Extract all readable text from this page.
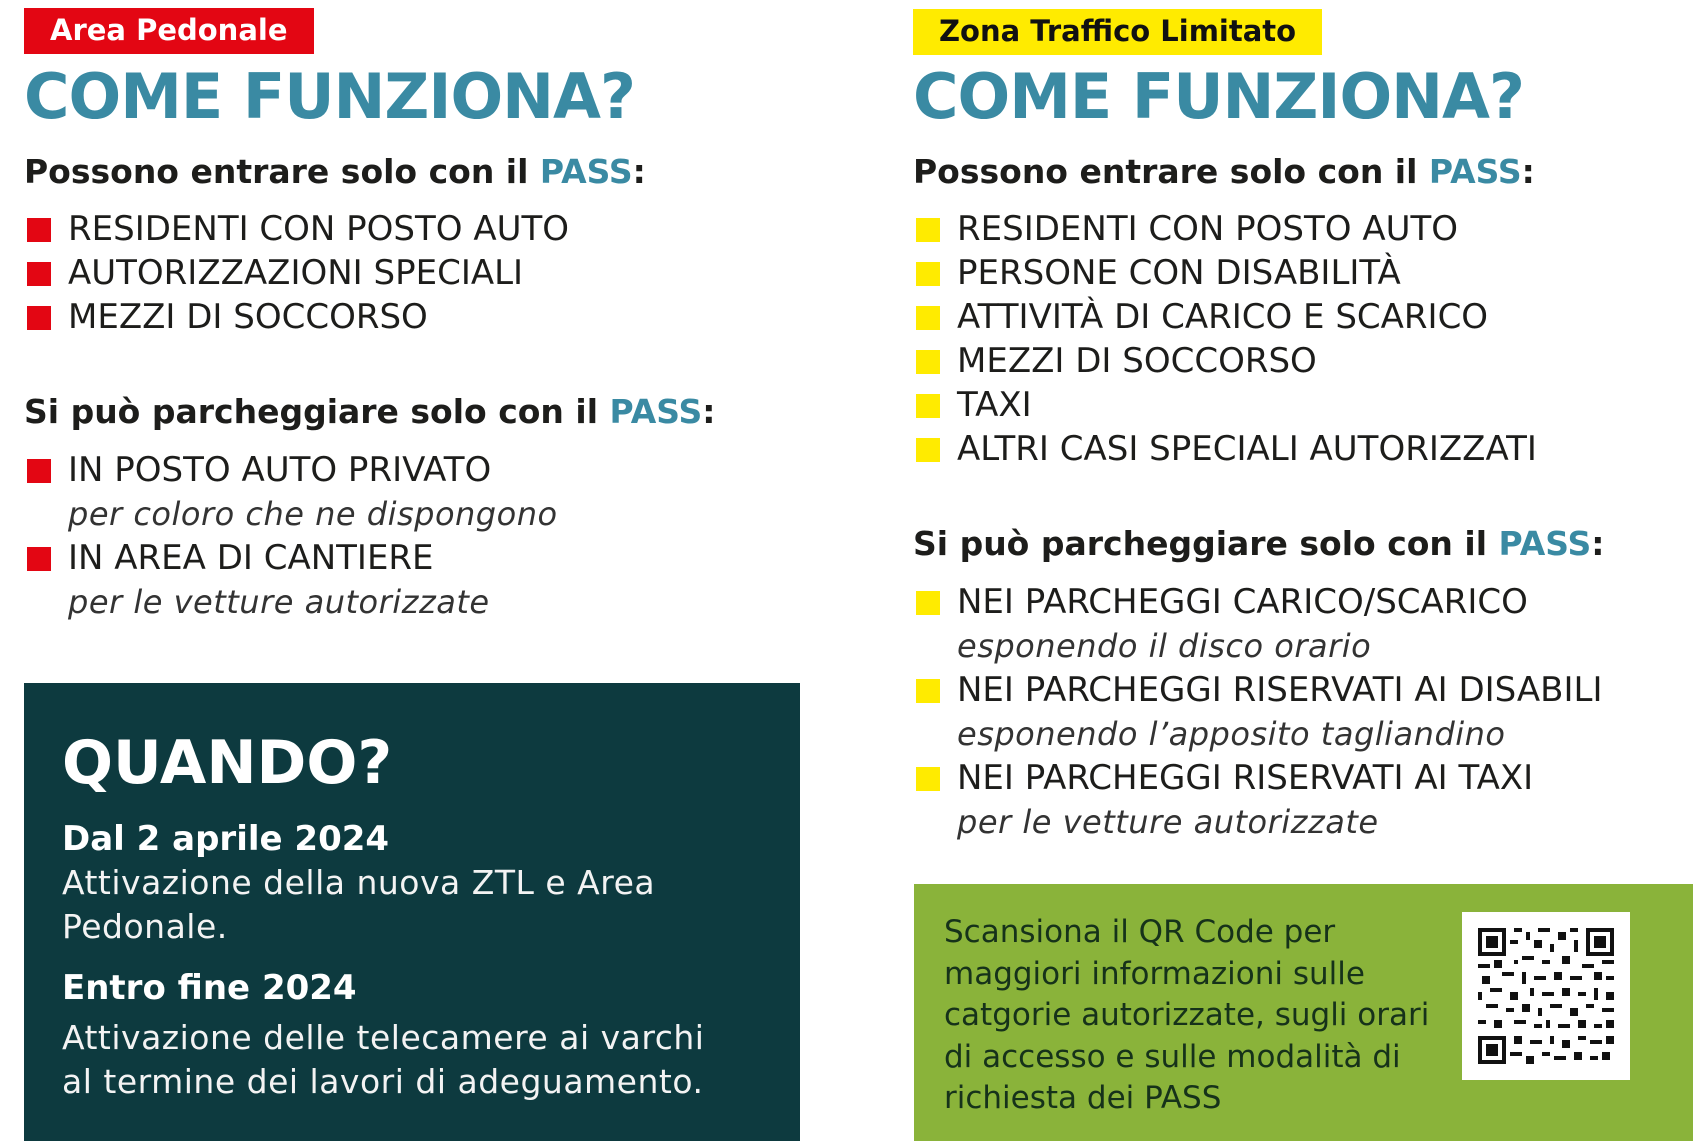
Area Pedonale
COME FUNZIONA?
Possono entrare solo con il PASS:
RESIDENTI CON POSTO AUTO
AUTORIZZAZIONI SPECIALI
MEZZI DI SOCCORSO
Si può parcheggiare solo con il PASS:
IN POSTO AUTO PRIVATO
per coloro che ne dispongono
IN AREA DI CANTIERE
per le vetture autorizzate
QUANDO?
Dal 2 aprile 2024
Attivazione della nuova ZTL e Area Pedonale.
Entro fine 2024
Attivazione delle telecamere ai varchi al termine dei lavori di adeguamento.
Zona Traffico Limitato
COME FUNZIONA?
Possono entrare solo con il PASS:
RESIDENTI CON POSTO AUTO
PERSONE CON DISABILITÀ
ATTIVITÀ DI CARICO E SCARICO
MEZZI DI SOCCORSO
TAXI
ALTRI CASI SPECIALI AUTORIZZATI
Si può parcheggiare solo con il PASS:
NEI PARCHEGGI CARICO/SCARICO
esponendo il disco orario
NEI PARCHEGGI RISERVATI AI DISABILI
esponendo l’apposito tagliandino
NEI PARCHEGGI RISERVATI AI TAXI
per le vetture autorizzate
Scansiona il QR Code per maggiori informazioni sulle catgorie autorizzate, sugli orari di accesso e sulle modalità di richiesta dei PASS
